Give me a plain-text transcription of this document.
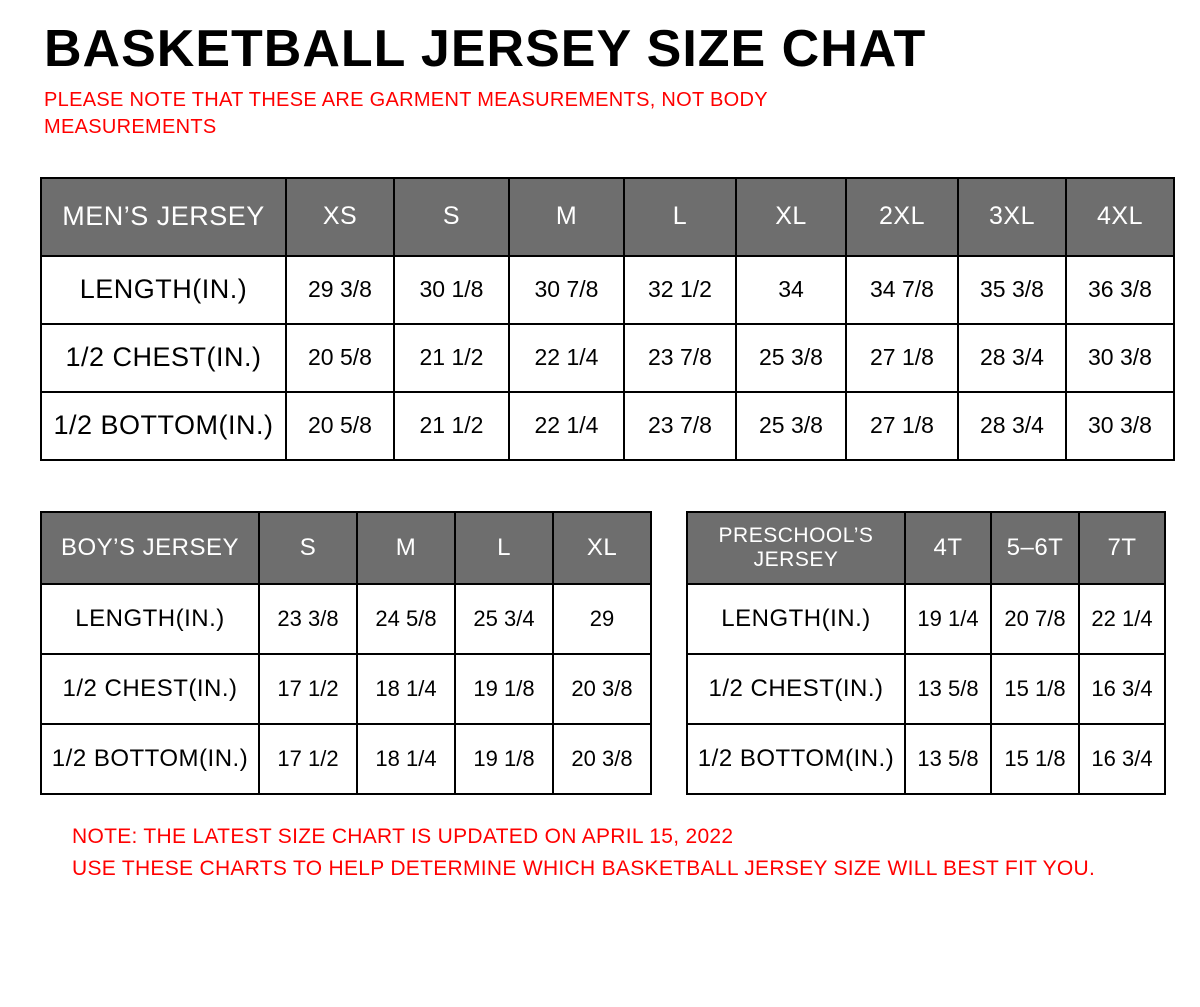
BASKETBALL JERSEY SIZE CHAT

PLEASE NOTE THAT THESE ARE GARMENT MEASUREMENTS, NOT BODY MEASUREMENTS

MEN’S JERSEY	XS	S	M	L	XL	2XL	3XL	4XL
LENGTH(IN.)	29 3/8	30 1/8	30 7/8	32 1/2	34	34 7/8	35 3/8	36 3/8
1/2 CHEST(IN.)	20 5/8	21 1/2	22 1/4	23 7/8	25 3/8	27 1/8	28 3/4	30 3/8
1/2 BOTTOM(IN.)	20 5/8	21 1/2	22 1/4	23 7/8	25 3/8	27 1/8	28 3/4	30 3/8
BOY’S JERSEY	S	M	L	XL
LENGTH(IN.)	23 3/8	24 5/8	25 3/4	29
1/2 CHEST(IN.)	17 1/2	18 1/4	19 1/8	20 3/8
1/2 BOTTOM(IN.)	17 1/2	18 1/4	19 1/8	20 3/8
PRESCHOOL’S JERSEY	4T	5–6T	7T
LENGTH(IN.)	19 1/4	20 7/8	22 1/4
1/2 CHEST(IN.)	13 5/8	15 1/8	16 3/4
1/2 BOTTOM(IN.)	13 5/8	15 1/8	16 3/4
NOTE: THE LATEST SIZE CHART IS UPDATED ON APRIL 15, 2022
USE THESE CHARTS TO HELP DETERMINE WHICH BASKETBALL JERSEY SIZE WILL BEST FIT YOU.
